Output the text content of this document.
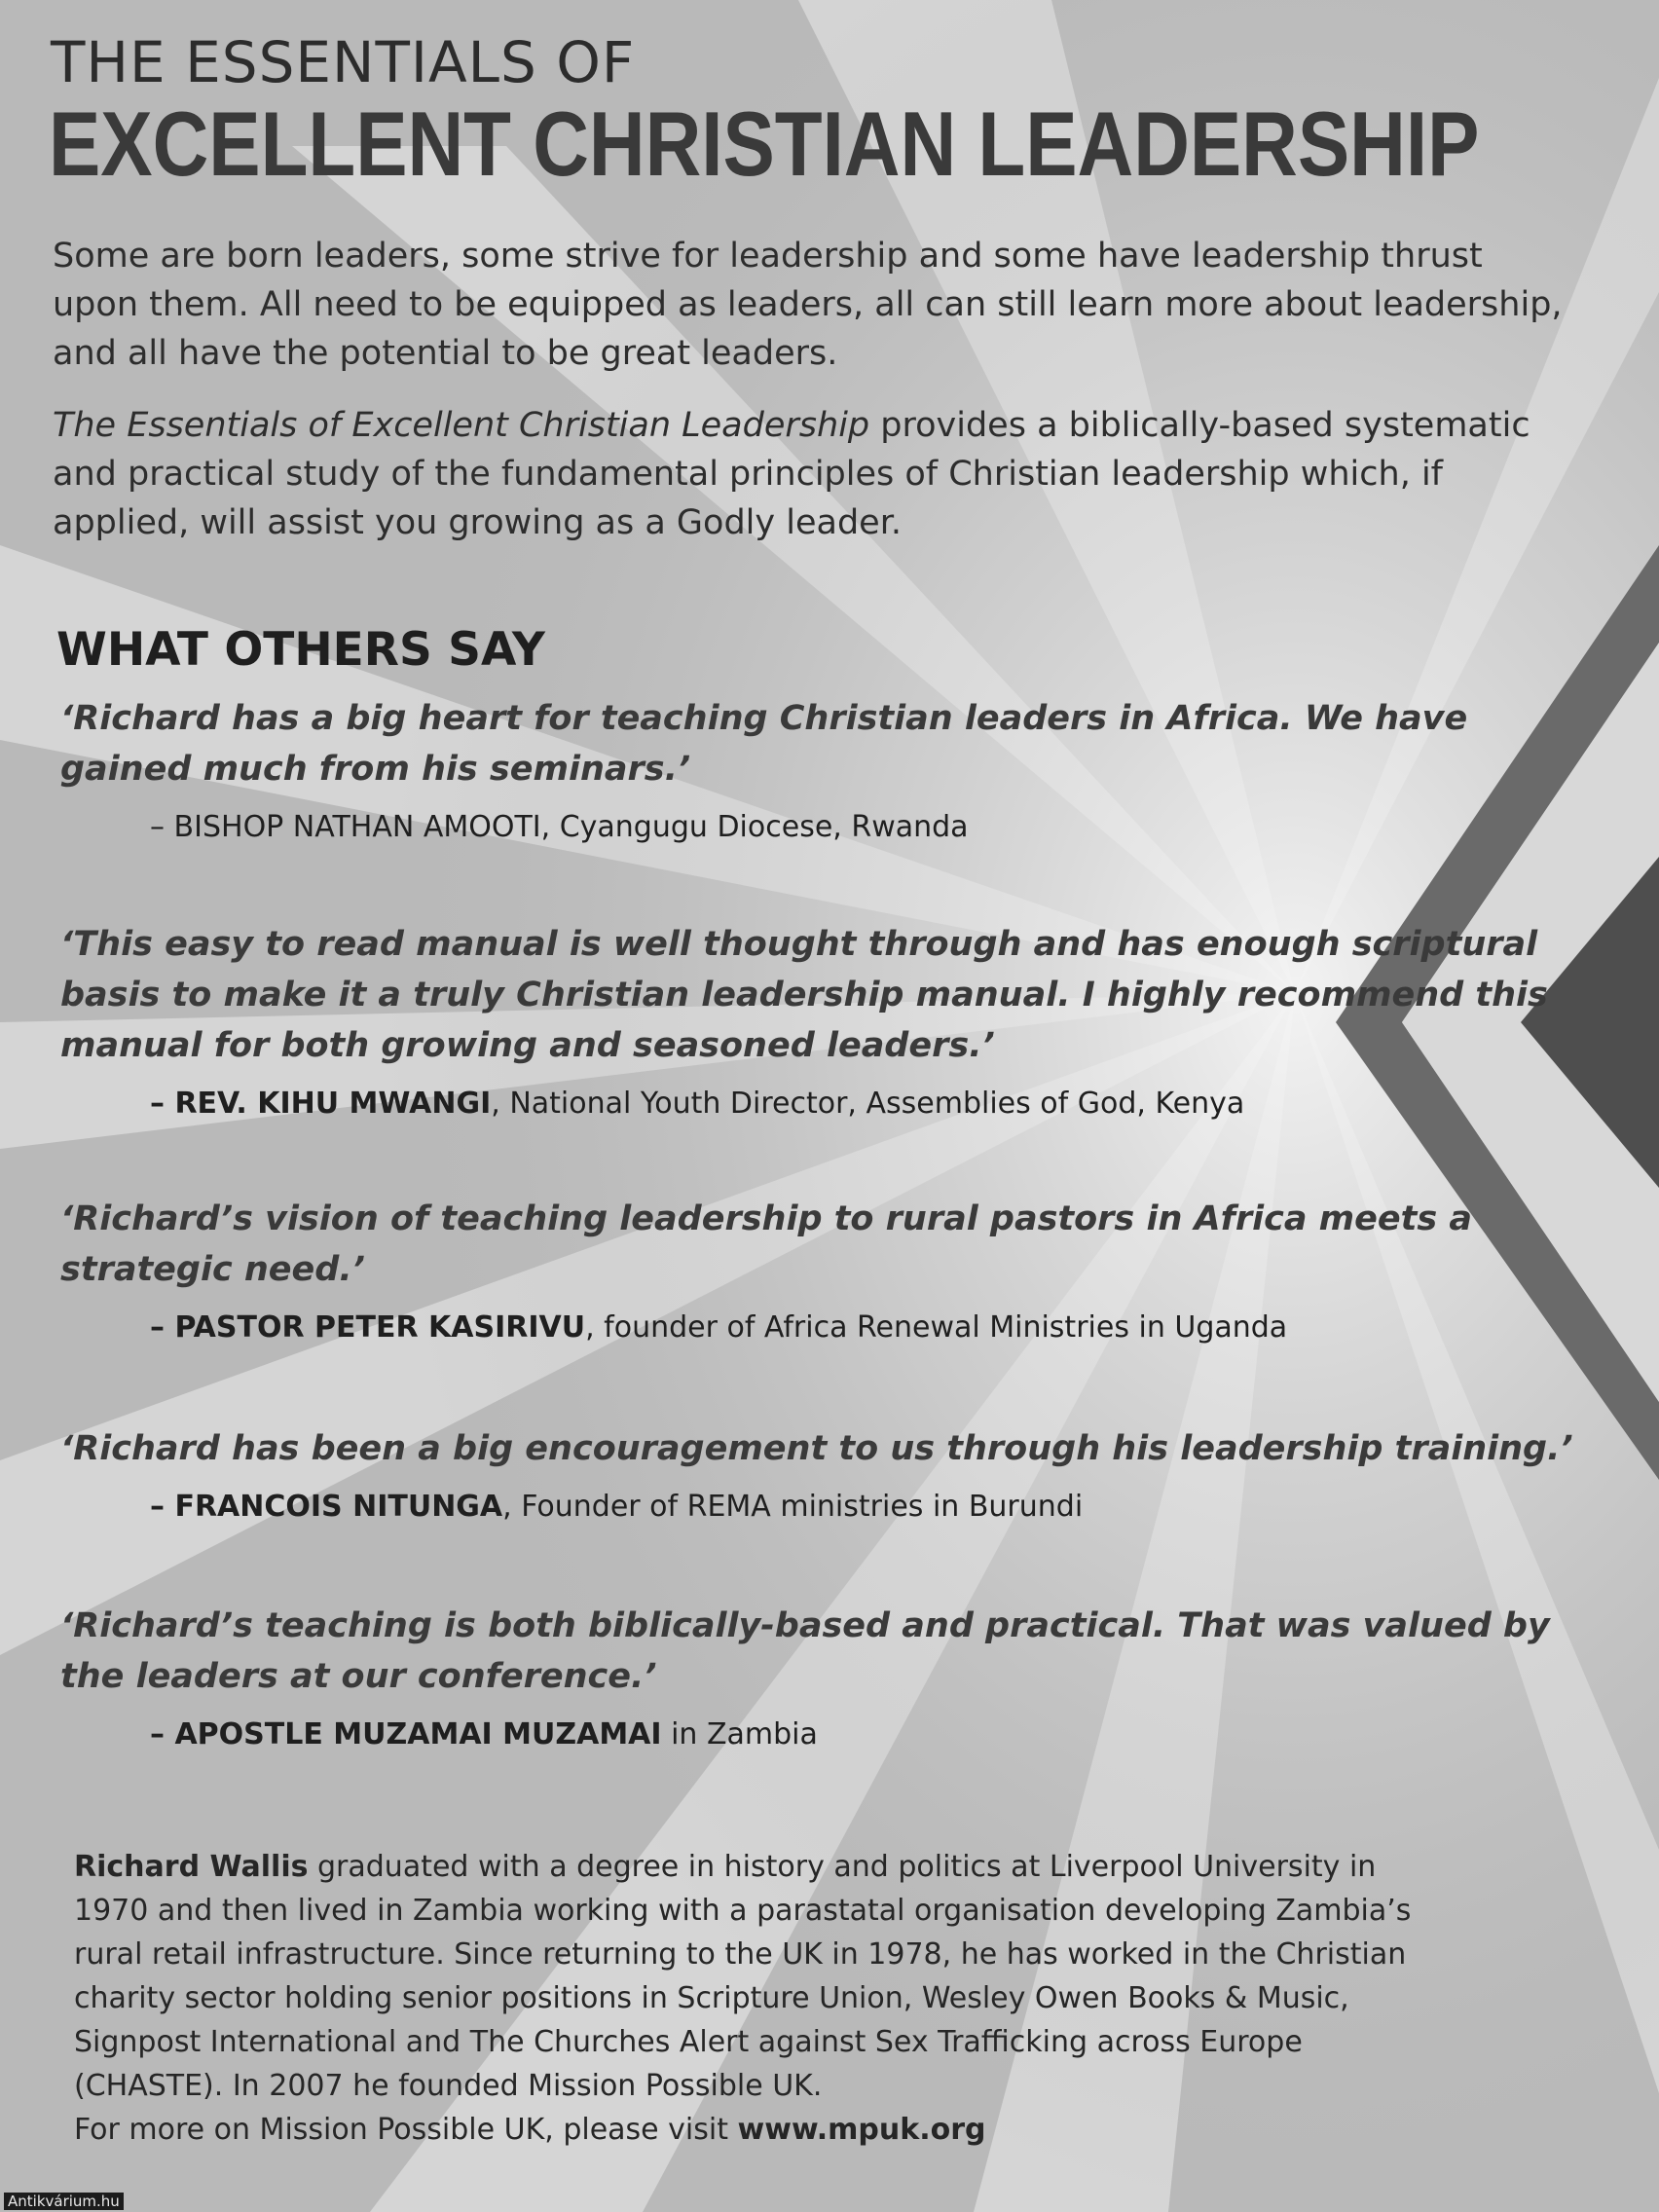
THE ESSENTIALS OF
EXCELLENT CHRISTIAN LEADERSHIP

Some are born leaders, some strive for leadership and some have leadership thrust upon them. All need to be equipped as leaders, all can still learn more about leadership, and all have the potential to be great leaders.

The Essentials of Excellent Christian Leadership provides a biblically-based systematic and practical study of the fundamental principles of Christian leadership which, if applied, will assist you growing as a Godly leader.

WHAT OTHERS SAY

‘Richard has a big heart for teaching Christian leaders in Africa. We have gained much from his seminars.’

– BISHOP NATHAN AMOOTI, Cyangugu Diocese, Rwanda

‘This easy to read manual is well thought through and has enough scriptural basis to make it a truly Christian leadership manual. I highly recommend this manual for both growing and seasoned leaders.’

– REV. KIHU MWANGI, National Youth Director, Assemblies of God, Kenya

‘Richard’s vision of teaching leadership to rural pastors in Africa meets a strategic need.’

– PASTOR PETER KASIRIVU, founder of Africa Renewal Ministries in Uganda

‘Richard has been a big encouragement to us through his leadership training.’

– FRANCOIS NITUNGA, Founder of REMA ministries in Burundi

‘Richard’s teaching is both biblically-based and practical. That was valued by the leaders at our conference.’

– APOSTLE MUZAMAI MUZAMAI in Zambia

Richard Wallis graduated with a degree in history and politics at Liverpool University in 1970 and then lived in Zambia working with a parastatal organisation developing Zambia’s rural retail infrastructure. Since returning to the UK in 1978, he has worked in the Christian charity sector holding senior positions in Scripture Union, Wesley Owen Books & Music, Signpost International and The Churches Alert against Sex Trafficking across Europe (CHASTE). In 2007 he founded Mission Possible UK.

For more on Mission Possible UK, please visit www.mpuk.org

Antikvárium.hu
